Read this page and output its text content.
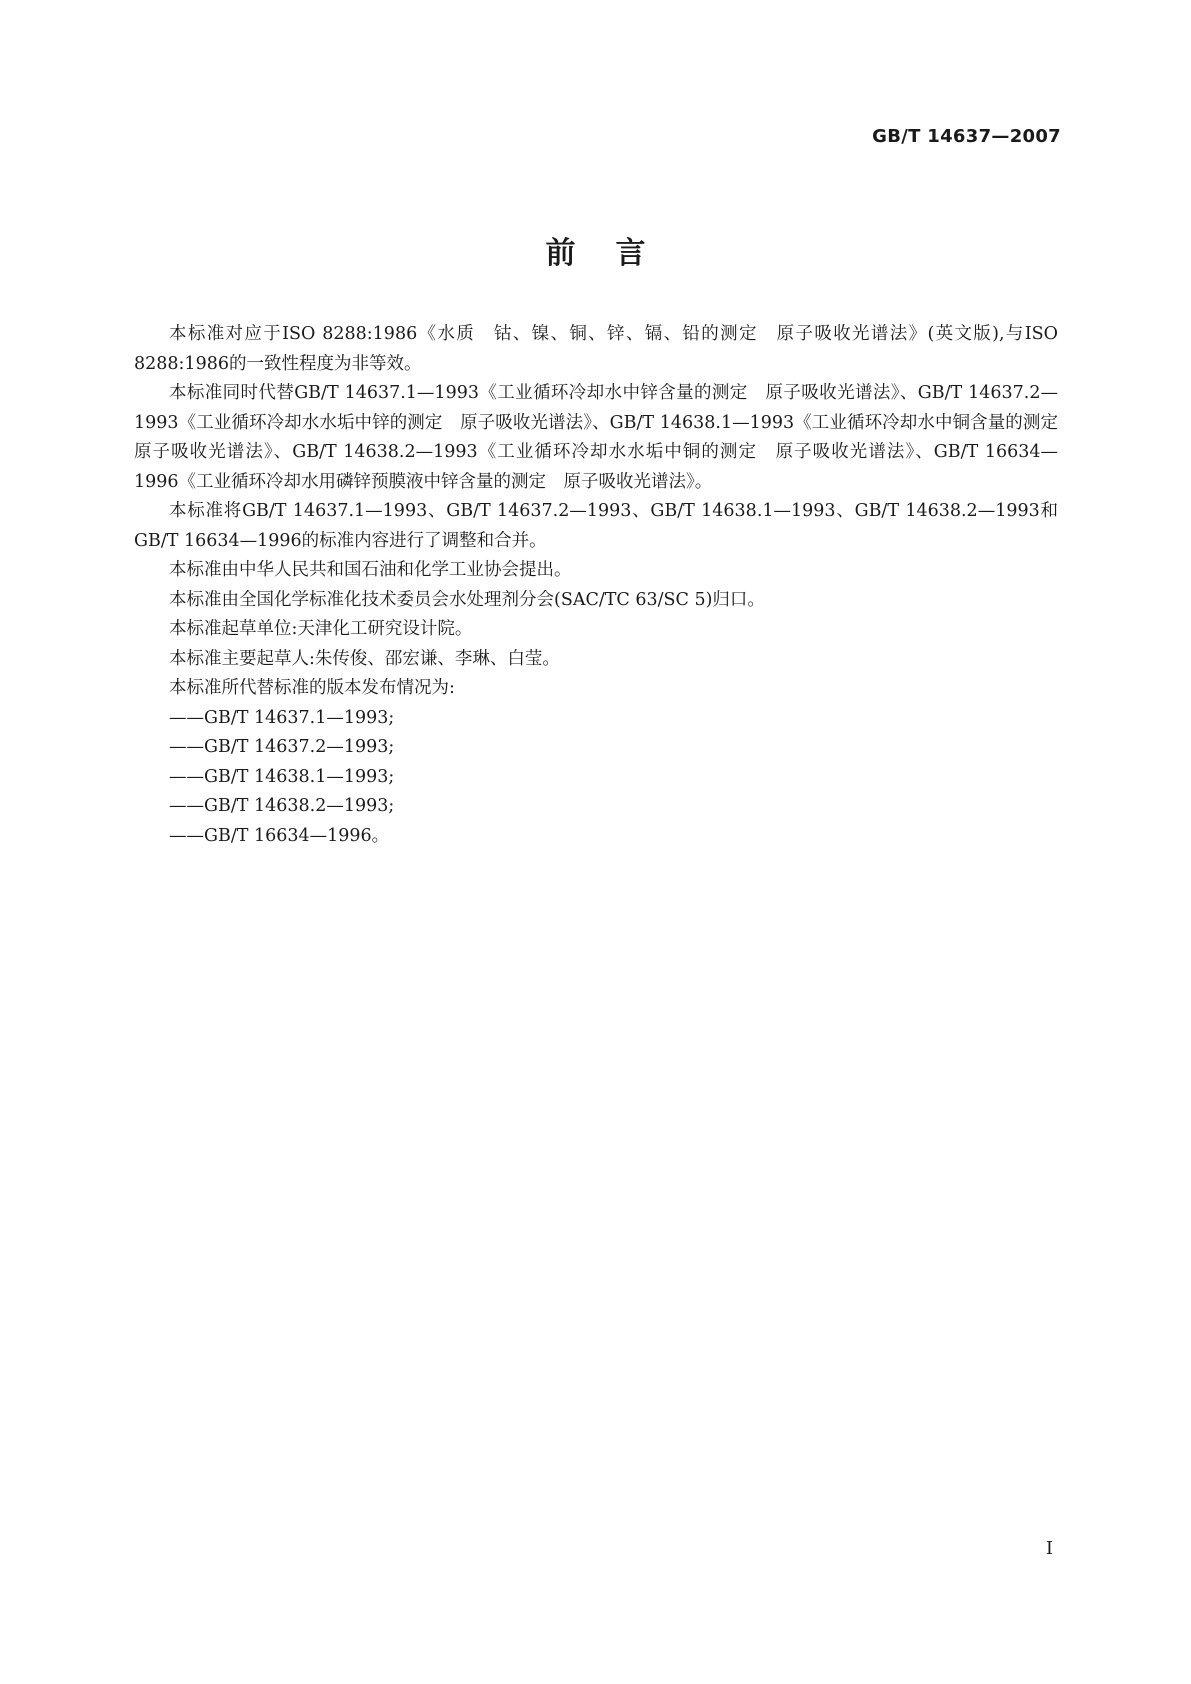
GB/T 14637—2007
前言

本标准对应于ISO 8288:1986《水质　钴、镍、铜、锌、镉、铅的测定　原子吸收光谱法》(英文版),与ISO 8288:1986的一致性程度为非等效。

本标准同时代替GB/T 14637.1—1993《工业循环冷却水中锌含量的测定　原子吸收光谱法》、GB/T 14637.2—1993《工业循环冷却水水垢中锌的测定　原子吸收光谱法》、GB/T 14638.1—1993《工业循环冷却水中铜含量的测定　原子吸收光谱法》、GB/T 14638.2—1993《工业循环冷却水水垢中铜的测定　原子吸收光谱法》、GB/T 16634—1996《工业循环冷却水用磷锌预膜液中锌含量的测定　原子吸收光谱法》。

本标准将GB/T 14637.1—1993、GB/T 14637.2—1993、GB/T 14638.1—1993、GB/T 14638.2—1993和GB/T 16634—1996的标准内容进行了调整和合并。

本标准由中华人民共和国石油和化学工业协会提出。

本标准由全国化学标准化技术委员会水处理剂分会(SAC/TC 63/SC 5)归口。

本标准起草单位:天津化工研究设计院。

本标准主要起草人:朱传俊、邵宏谦、李琳、白莹。

本标准所代替标准的版本发布情况为:

——GB/T 14637.1—1993;
——GB/T 14637.2—1993;
——GB/T 14638.1—1993;
——GB/T 14638.2—1993;
——GB/T 16634—1996。
I
